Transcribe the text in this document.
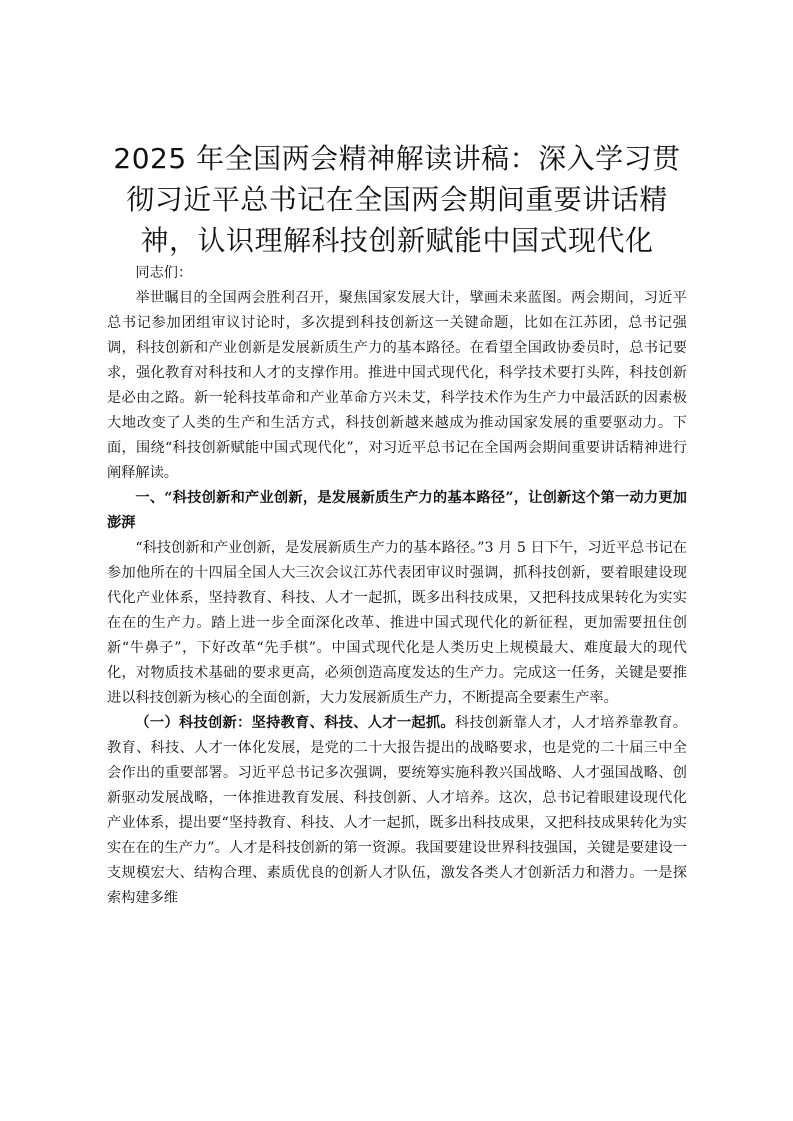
2025 年全国两会精神解读讲稿：深入学习贯
彻习近平总书记在全国两会期间重要讲话精
神，认识理解科技创新赋能中国式现代化

同志们：

举世瞩目的全国两会胜利召开，聚焦国家发展大计，擘画未来蓝图。两会期间，习近平总书记参加团组审议讨论时，多次提到科技创新这一关键命题，比如在江苏团，总书记强调，科技创新和产业创新是发展新质生产力的基本路径。在看望全国政协委员时，总书记要求，强化教育对科技和人才的支撑作用。推进中国式现代化，科学技术要打头阵，科技创新是必由之路。新一轮科技革命和产业革命方兴未艾，科学技术作为生产力中最活跃的因素极大地改变了人类的生产和生活方式，科技创新越来越成为推动国家发展的重要驱动力。下面，围绕“科技创新赋能中国式现代化”，对习近平总书记在全国两会期间重要讲话精神进行阐释解读。

一、“科技创新和产业创新，是发展新质生产力的基本路径”，让创新这个第一动力更加澎湃

“科技创新和产业创新，是发展新质生产力的基本路径。”3 月 5 日下午，习近平总书记在参加他所在的十四届全国人大三次会议江苏代表团审议时强调，抓科技创新，要着眼建设现代化产业体系，坚持教育、科技、人才一起抓，既多出科技成果，又把科技成果转化为实实在在的生产力。踏上进一步全面深化改革、推进中国式现代化的新征程，更加需要扭住创新“牛鼻子”，下好改革“先手棋”。中国式现代化是人类历史上规模最大、难度最大的现代化，对物质技术基础的要求更高，必须创造高度发达的生产力。完成这一任务，关键是要推进以科技创新为核心的全面创新，大力发展新质生产力，不断提高全要素生产率。

（一）科技创新：坚持教育、科技、人才一起抓。科技创新靠人才，人才培养靠教育。教育、科技、人才一体化发展，是党的二十大报告提出的战略要求，也是党的二十届三中全会作出的重要部署。习近平总书记多次强调，要统筹实施科教兴国战略、人才强国战略、创新驱动发展战略，一体推进教育发展、科技创新、人才培养。这次，总书记着眼建设现代化产业体系，提出要“坚持教育、科技、人才一起抓，既多出科技成果，又把科技成果转化为实实在在的生产力”。人才是科技创新的第一资源。我国要建设世界科技强国，关键是要建设一支规模宏大、结构合理、素质优良的创新人才队伍，激发各类人才创新活力和潜力。一是探索构建多维
